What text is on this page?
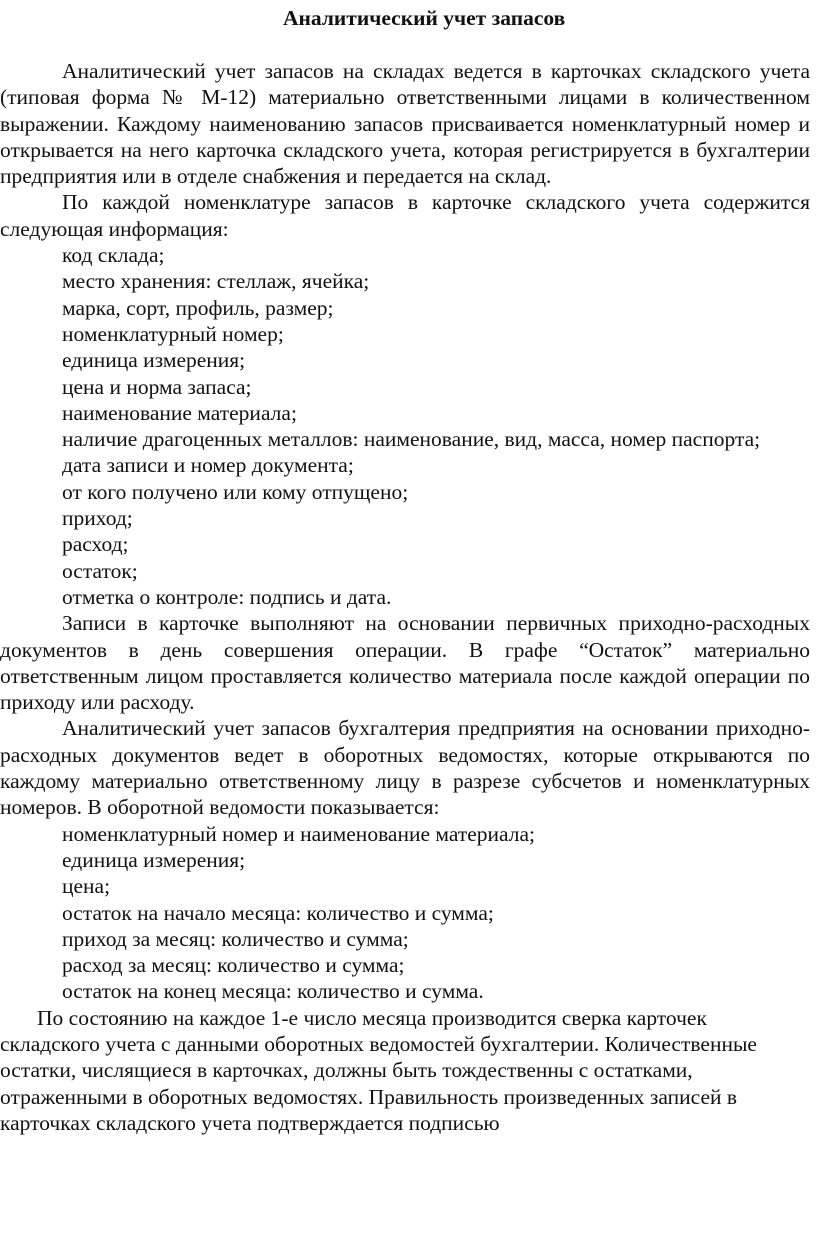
Аналитический учет запасов

Аналитический учет запасов на складах ведется в карточках складского учета (типовая форма № М-12) материально ответственными лицами в количественном выражении. Каждому наименованию запасов присваивается номенклатурный номер и открывается на него карточка складского учета, которая регистрируется в бухгалтерии предприятия или в отделе снабжения и передается на склад.

По каждой номенклатуре запасов в карточке складского учета содержится следующая информация:

код склада;

место хранения: стеллаж, ячейка;

марка, сорт, профиль, размер;

номенклатурный номер;

единица измерения;

цена и норма запаса;

наименование материала;

наличие драгоценных металлов: наименование, вид, масса, номер паспорта;

дата записи и номер документа;

от кого получено или кому отпущено;

приход;

расход;

остаток;

отметка о контроле: подпись и дата.

Записи в карточке выполняют на основании первичных приходно-расходных документов в день совершения операции. В графе “Остаток” материально ответственным лицом проставляется количество материала после каждой операции по приходу или расходу.

Аналитический учет запасов бухгалтерия предприятия на основании приходно-расходных документов ведет в оборотных ведомостях, которые открываются по каждому материально ответственному лицу в разрезе субсчетов и номенклатурных номеров. В оборотной ведомости показывается:

номенклатурный номер и наименование материала;

единица измерения;

цена;

остаток на начало месяца: количество и сумма;

приход за месяц: количество и сумма;

расход за месяц: количество и сумма;

остаток на конец месяца: количество и сумма.

По состоянию на каждое 1-е число месяца производится сверка карточек складского учета с данными оборотных ведомостей бухгалтерии. Количественные остатки, числящиеся в карточках, должны быть тождественны с остатками, отраженными в оборотных ведомостях. Правильность произведенных записей в карточках складского учета подтверждается подписью
